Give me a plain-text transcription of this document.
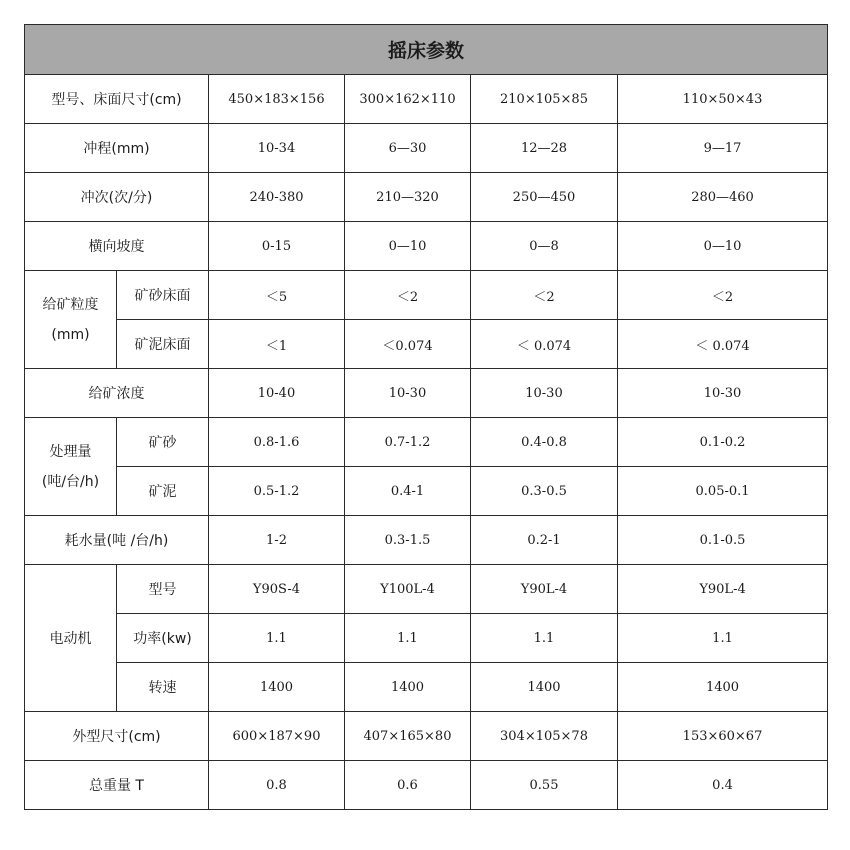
摇床参数					
型号、床面尺寸(cm)		450×183×156	300×162×110	210×105×85	110×50×43
冲程(mm)		10-34	6—30	12—28	9—17
冲次(次/分)		240-380	210—320	250—450	280—460
横向坡度		0-15	0—10	0—8	0—10

给矿粒度
(mm)	矿砂床面	＜5	＜2	＜2	＜2
	矿泥床面	＜1	＜0.074	＜ 0.074	＜ 0.074
给矿浓度		10-40	10-30	10-30	10-30

处理量
(吨/台/h)	矿砂	0.8-1.6	0.7-1.2	0.4-0.8	0.1-0.2
	矿泥	0.5-1.2	0.4-1	0.3-0.5	0.05-0.1
耗水量(吨 /台/h)		1-2	0.3-1.5	0.2-1	0.1-0.5
电动机	型号	Y90S-4	Y100L-4	Y90L-4	Y90L-4
	功率(kw)	1.1	1.1	1.1	1.1
	转速	1400	1400	1400	1400
外型尺寸(cm)		600×187×90	407×165×80	304×105×78	153×60×67
总重量 T		0.8	0.6	0.55	0.4
